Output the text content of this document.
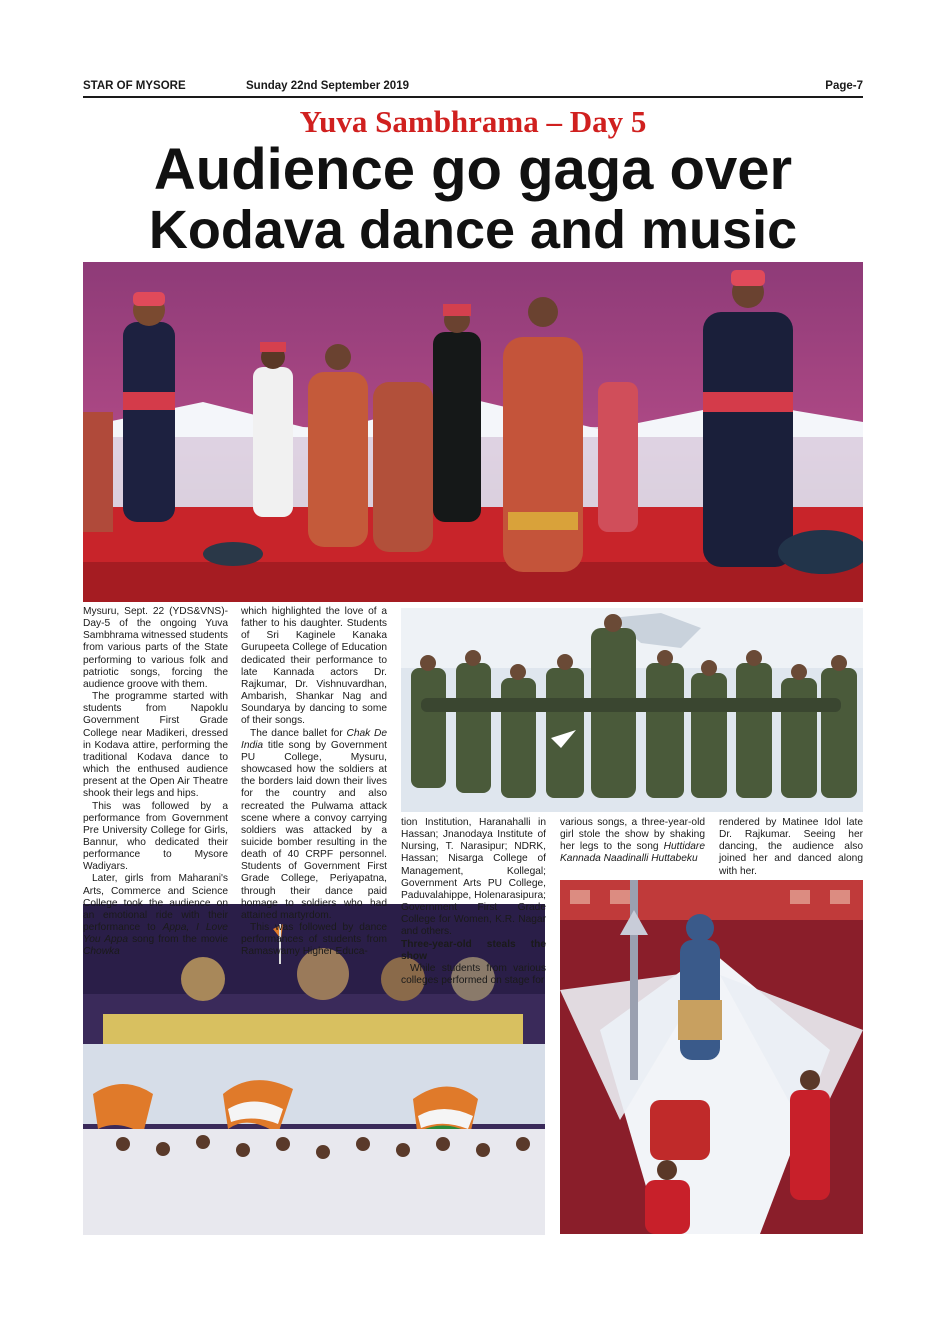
STAR OF MYSORE	Sunday 22nd September 2019	Page-7
Yuva Sambhrama – Day 5
Audience go gaga over
Kodava dance and music

Mysuru, Sept. 22 (YDS&VNS)- Day-5 of the ongoing Yuva Sambhrama witnessed students from various parts of the State performing to various folk and patriotic songs, forcing the audience groove with them.

The programme started with students from Napoklu Government First Grade College near Madikeri, dressed in Kodava attire, performing the traditional Kodava dance to which the enthused audience present at the Open Air Theatre shook their legs and hips.

This was followed by a performance from Government Pre University College for Girls, Bannur, who dedicated their performance to Mysore Wadiyars.

Later, girls from Maharani's Arts, Commerce and Science College took the audience on an emotional ride with their performance to Appa, I Love You Appa song from the movie Chowka

which highlighted the love of a father to his daughter. Students of Sri Kaginele Kanaka Gurupeeta College of Education dedicated their performance to late Kannada actors Dr. Rajkumar, Dr. Vishnuvardhan, Ambarish, Shankar Nag and Soundarya by dancing to some of their songs.

The dance ballet for Chak De India title song by Government PU College, Mysuru, showcased how the soldiers at the borders laid down their lives for the country and also recreated the Pulwama attack scene where a convoy carrying soldiers was attacked by a suicide bomber resulting in the death of 40 CRPF personnel. Students of Government First Grade College, Periyapatna, through their dance paid homage to soldiers who had attained martyrdom.

This was followed by dance performances of students from Ramaswamy Higher Educa-

tion Institution, Haranahalli in Hassan; Jnanodaya Institute of Nursing, T. Narasipur; NDRK, Hassan; Nisarga College of Management, Kollegal; Government Arts PU College, Paduvalahippe, Holenarasipura; Government First Grade College for Women, K.R. Nagar and others.

Three-year-old steals the show

While students from various colleges performed on stage for

various songs, a three-year-old girl stole the show by shaking her legs to the song Huttidare Kannada Naadinalli Huttabeku

rendered by Matinee Idol late Dr. Rajkumar. Seeing her dancing, the audience also joined her and danced along with her.
